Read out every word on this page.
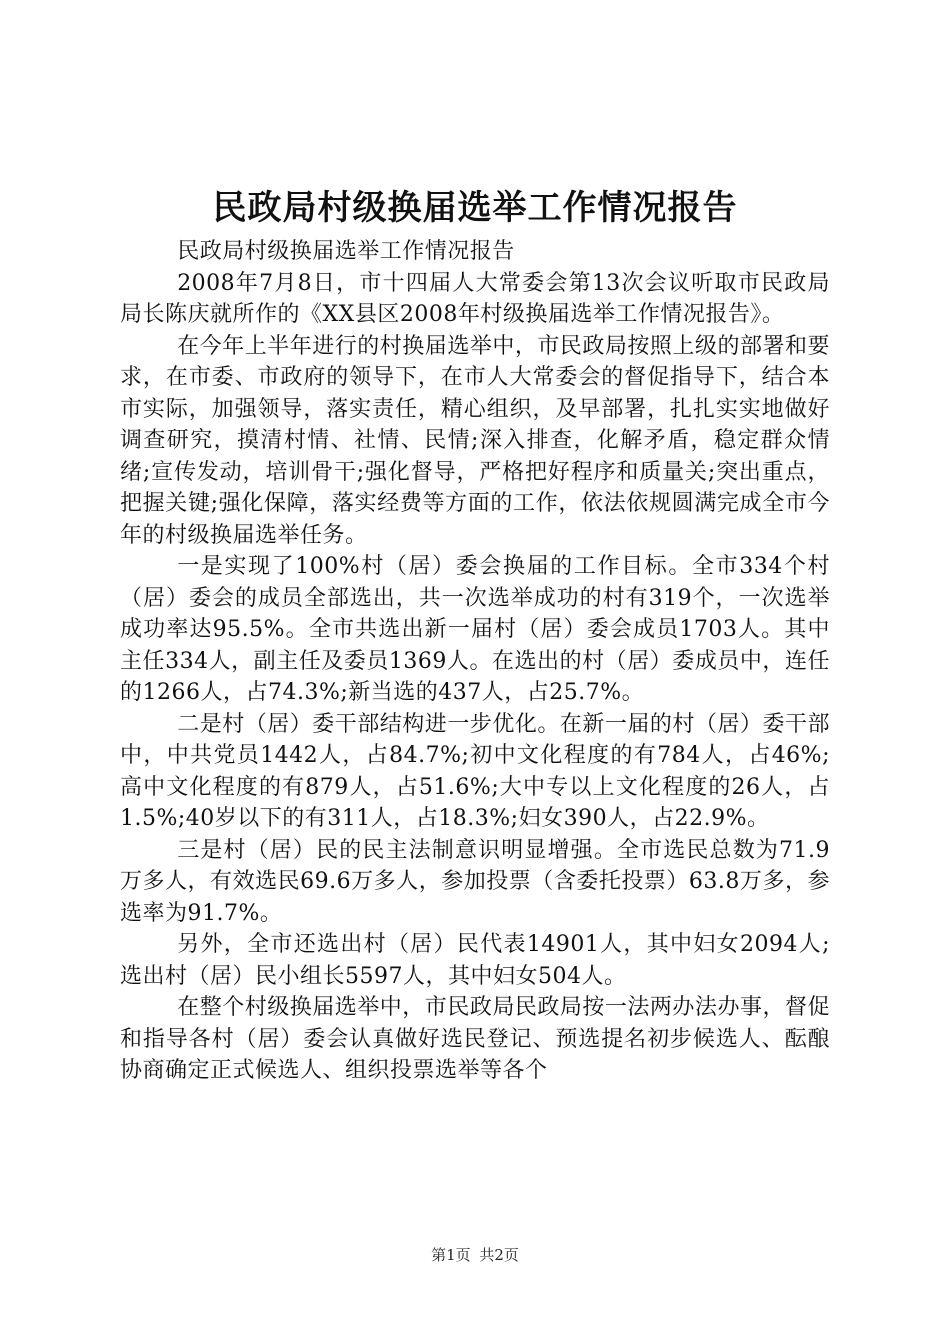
民政局村级换届选举工作情况报告

民政局村级换届选举工作情况报告

2008年7月8日，市十四届人大常委会第13次会议听取市民政局局长陈庆就所作的《XX县区2008年村级换届选举工作情况报告》。

在今年上半年进行的村换届选举中，市民政局按照上级的部署和要求，在市委、市政府的领导下，在市人大常委会的督促指导下，结合本市实际，加强领导，落实责任，精心组织，及早部署，扎扎实实地做好调查研究，摸清村情、社情、民情;深入排查，化解矛盾，稳定群众情绪;宣传发动，培训骨干;强化督导，严格把好程序和质量关;突出重点，把握关键;强化保障，落实经费等方面的工作，依法依规圆满完成全市今年的村级换届选举任务。

一是实现了100%村（居）委会换届的工作目标。全市334个村（居）委会的成员全部选出，共一次选举成功的村有319个，一次选举成功率达95.5%。全市共选出新一届村（居）委会成员1703人。其中主任334人，副主任及委员1369人。在选出的村（居）委成员中，连任的1266人，占74.3%;新当选的437人，占25.7%。

二是村（居）委干部结构进一步优化。在新一届的村（居）委干部中，中共党员1442人，占84.7%;初中文化程度的有784人，占46%;高中文化程度的有879人，占51.6%;大中专以上文化程度的26人，占1.5%;40岁以下的有311人，占18.3%;妇女390人，占22.9%。

三是村（居）民的民主法制意识明显增强。全市选民总数为71.9万多人，有效选民69.6万多人，参加投票（含委托投票）63.8万多，参选率为91.7%。

另外，全市还选出村（居）民代表14901人，其中妇女2094人;选出村（居）民小组长5597人，其中妇女504人。

在整个村级换届选举中，市民政局民政局按一法两办法办事，督促和指导各村（居）委会认真做好选民登记、预选提名初步候选人、酝酿协商确定正式候选人、组织投票选举等各个

第1页 共2页
